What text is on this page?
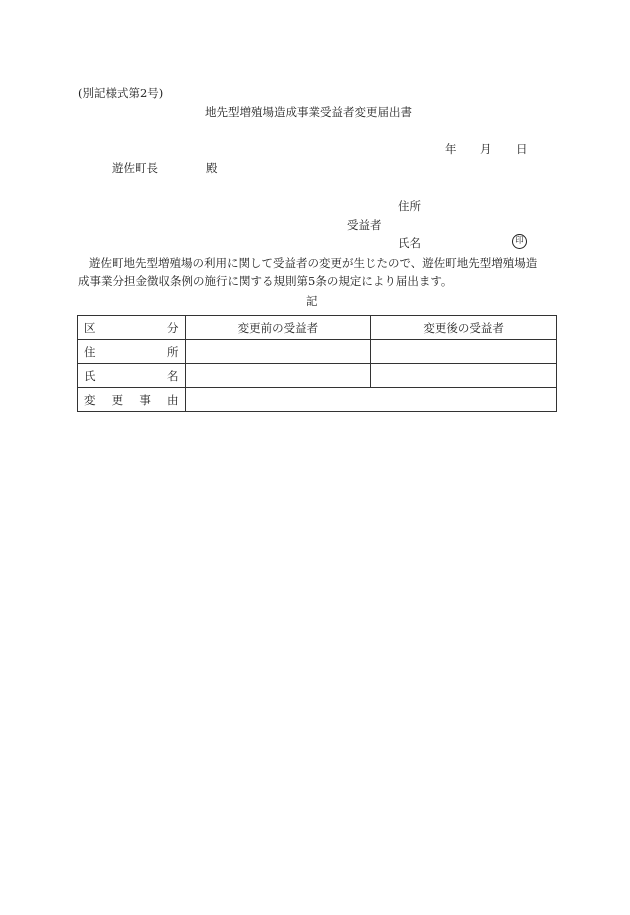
(別記様式第2号)
地先型増殖場造成事業受益者変更届出書
年 月 日
遊佐町長	殿
住所
受益者
氏名	印
遊佐町地先型増殖場の利用に関して受益者の変更が生じたので、遊佐町地先型増殖場造
成事業分担金徴収条例の施行に関する規則第5条の規定により届出ます。
記
区 分	変更前の受益者	変更後の受益者

住 所		

氏 名		

変 更 事 由		
